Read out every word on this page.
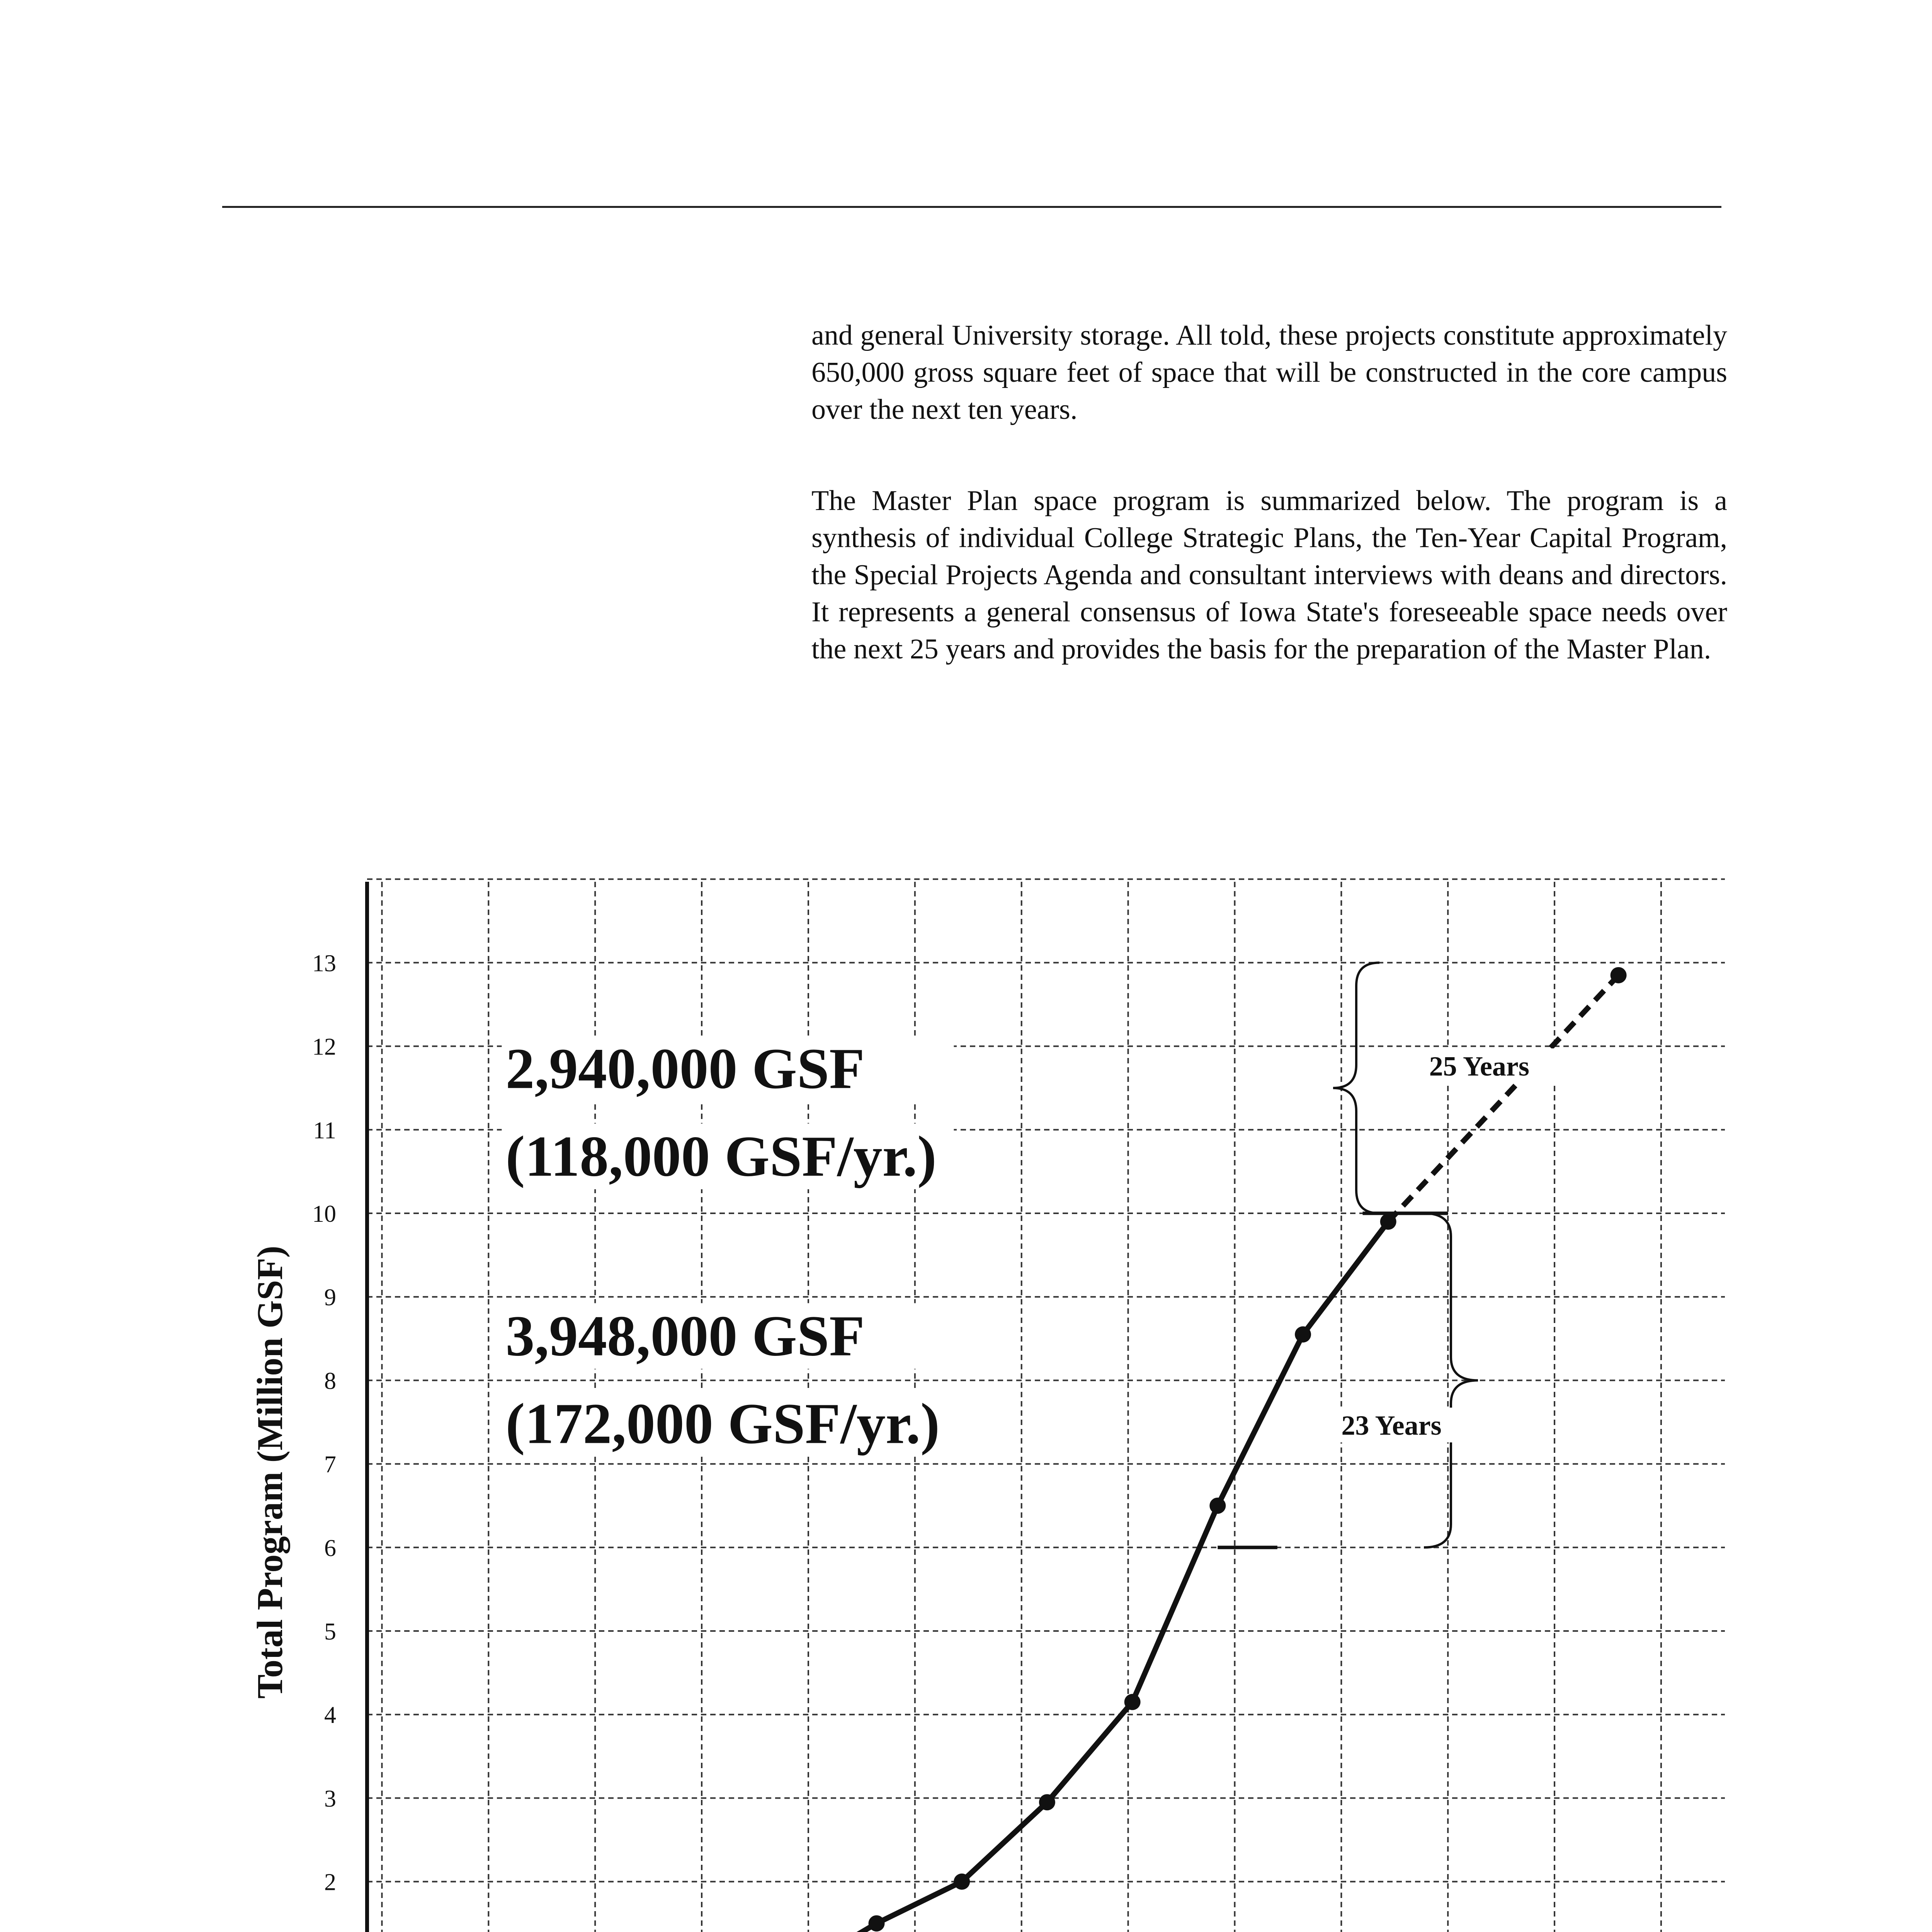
and general University storage. All told, these projects constitute approximately 650,000 gross square feet of space that will be constructed in the core campus over the next ten years.

The Master Plan space program is summarized below. The program is a synthesis of individual College Strategic Plans, the Ten-Year Capital Program, the Special Projects Agenda and consultant interviews with deans and directors. It represents a general consensus of Iowa State's foreseeable space needs over the next 25 years and provides the basis for the preparation of the Master Plan.

2
3
4
5
6
7
8
9
10
11
12
13
2,940,000 GSF
(118,000 GSF/yr.)
3,948,000 GSF
(172,000 GSF/yr.)
25 Years
23 Years
Total Program (Million GSF)
